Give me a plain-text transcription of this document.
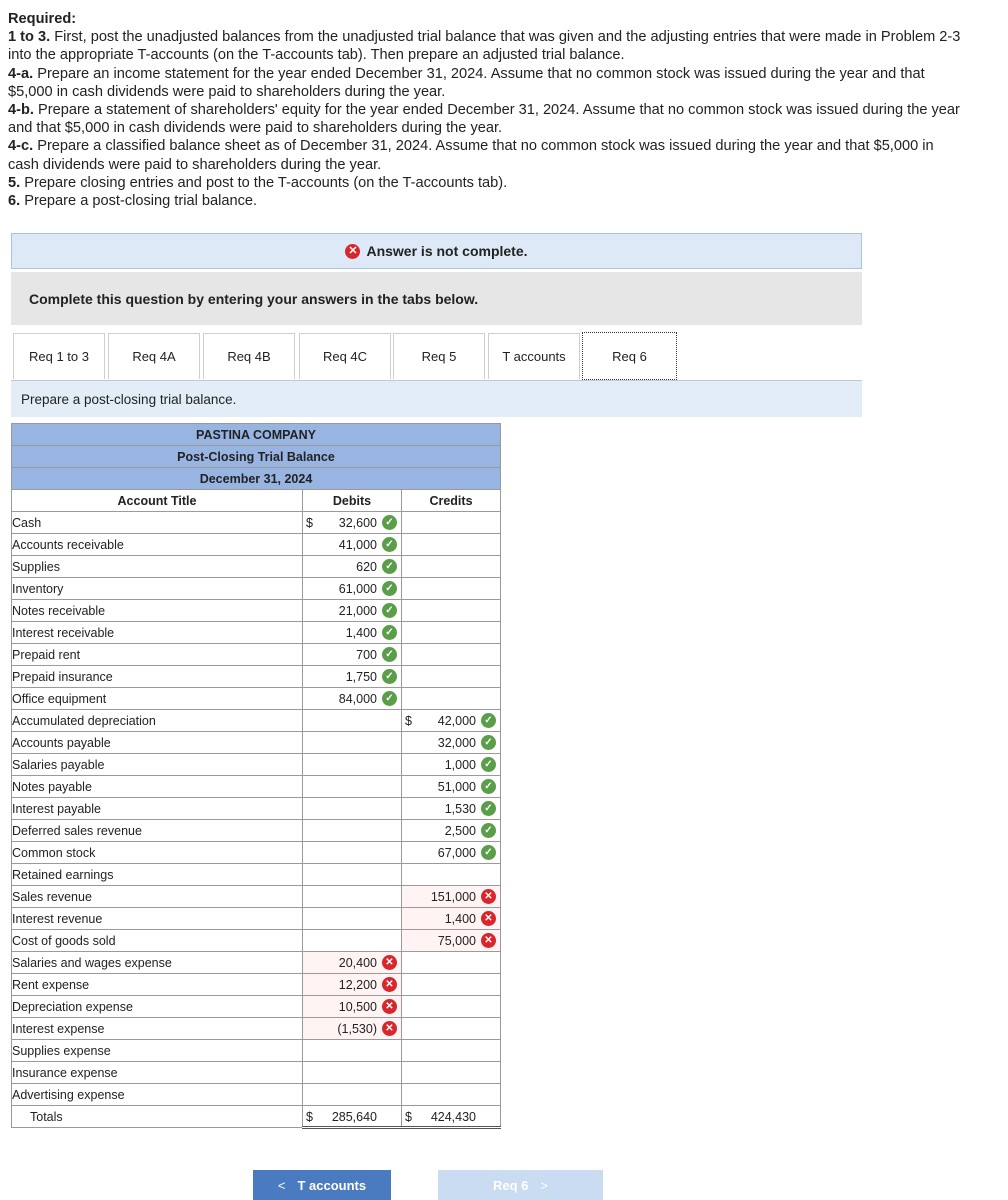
Required:

1 to 3. First, post the unadjusted balances from the unadjusted trial balance that was given and the adjusting entries that were made in Problem 2-3 into the appropriate T-accounts (on the T-accounts tab). Then prepare an adjusted trial balance.

4-a. Prepare an income statement for the year ended December 31, 2024. Assume that no common stock was issued during the year and that $5,000 in cash dividends were paid to shareholders during the year.

4-b. Prepare a statement of shareholders' equity for the year ended December 31, 2024. Assume that no common stock was issued during the year and that $5,000 in cash dividends were paid to shareholders during the year.

4-c. Prepare a classified balance sheet as of December 31, 2024. Assume that no common stock was issued during the year and that $5,000 in cash dividends were paid to shareholders during the year.

5. Prepare closing entries and post to the T-accounts (on the T-accounts tab).

6. Prepare a post-closing trial balance.

✕ Answer is not complete.
Complete this question by entering your answers in the tabs below.
Req 1 to 3	Req 4A	Req 4B	Req 4C	Req 5	T accounts	Req 6
Prepare a post-closing trial balance.
PASTINA COMPANY		
Post-Closing Trial Balance		
December 31, 2024		
Account Title	Debits	Credits
Cash	$ 32,600 ✓	

Accounts receivable	41,000 ✓	

Supplies	620 ✓	

Inventory	61,000 ✓	

Notes receivable	21,000 ✓	

Interest receivable	1,400 ✓	

Prepaid rent	700 ✓	

Prepaid insurance	1,750 ✓	

Office equipment	84,000 ✓	

Accumulated depreciation		$ 42,000 ✓

Accounts payable		32,000 ✓

Salaries payable		1,000 ✓

Notes payable		51,000 ✓

Interest payable		1,530 ✓

Deferred sales revenue		2,500 ✓

Common stock		67,000 ✓

Retained earnings		
Sales revenue		151,000 ✕

Interest revenue		1,400 ✕

Cost of goods sold		75,000 ✕

Salaries and wages expense	20,400 ✕	

Rent expense	12,200 ✕	

Depreciation expense	10,500 ✕	

Interest expense	(1,530) ✕	

Supplies expense		
Insurance expense		
Advertising expense		
Totals	$ 285,640	$ 424,430
< T accounts	Req 6 >
